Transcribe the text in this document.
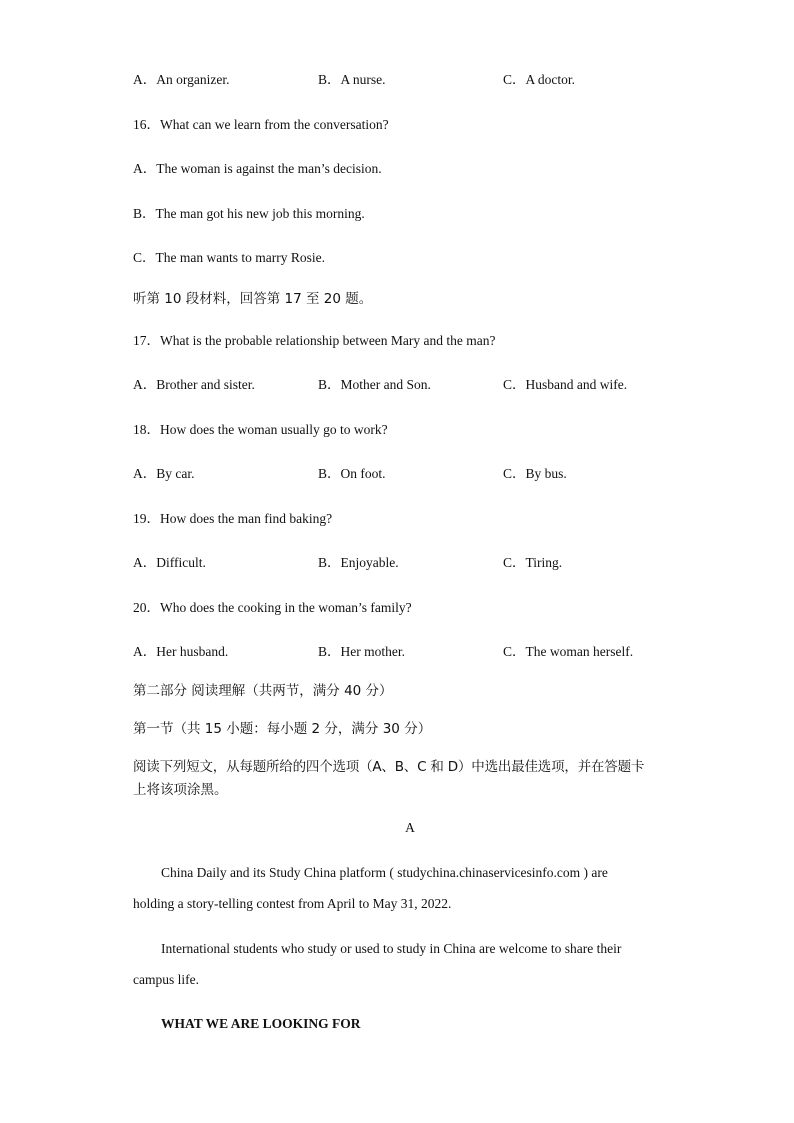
A．An organizer.	B．A nurse.	C．A doctor.
16．What can we learn from the conversation?
A．The woman is against the man’s decision.
B．The man got his new job this morning.
C．The man wants to marry Rosie.
听第 10 段材料，回答第 17 至 20 题。
17．What is the probable relationship between Mary and the man?
A．Brother and sister.	B．Mother and Son.	C．Husband and wife.
18．How does the woman usually go to work?
A．By car.	B．On foot.	C．By bus.
19．How does the man find baking?
A．Difficult.	B．Enjoyable.	C．Tiring.
20．Who does the cooking in the woman’s family?
A．Her husband.	B．Her mother.	C．The woman herself.
第二部分 阅读理解（共两节，满分 40 分）
第一节（共 15 小题：每小题 2 分，满分 30 分）
阅读下列短文，从每题所给的四个选项（A、B、C 和 D）中选出最佳选项，并在答题卡
上将该项涂黑。
A
China Daily and its Study China platform ( studychina.chinaservicesinfo.com ) are
holding a story-telling contest from April to May 31, 2022.
International students who study or used to study in China are welcome to share their
campus life.
WHAT WE ARE LOOKING FOR
